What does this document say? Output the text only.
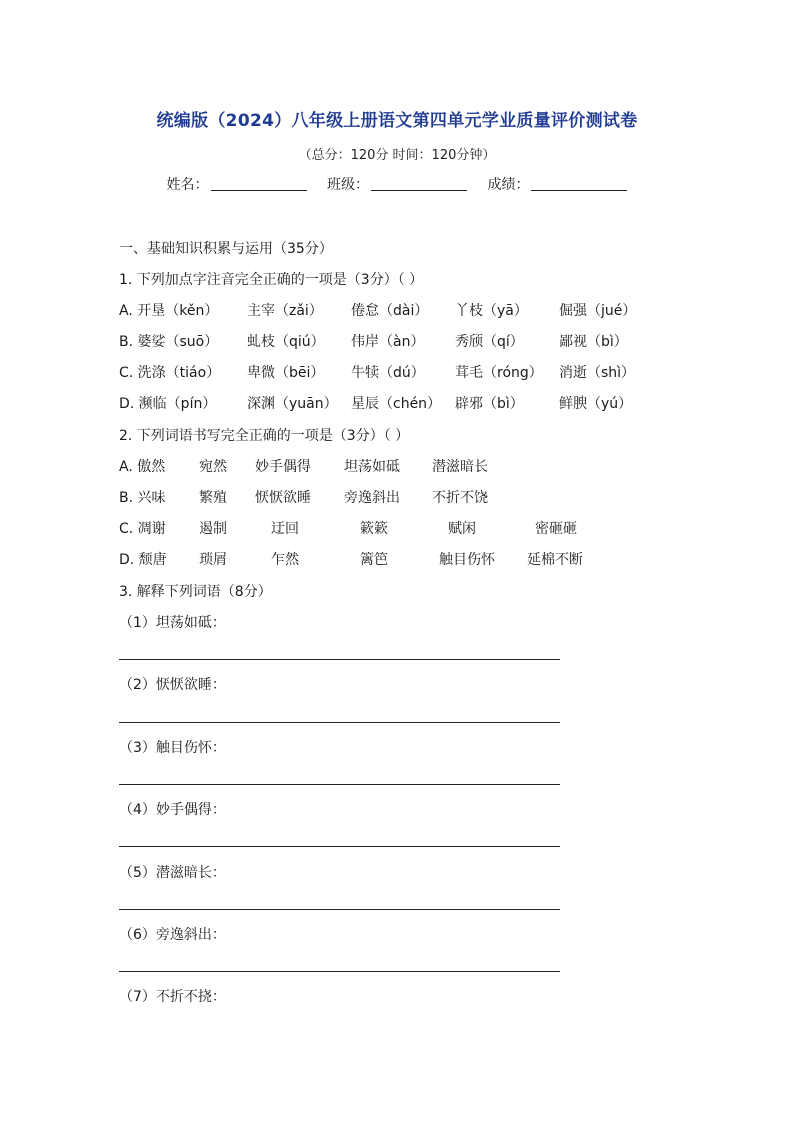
统编版（2024）八年级上册语文第四单元学业质量评价测试卷
（总分：120分 时间：120分钟）
姓名：	班级：	成绩：
一、基础知识积累与运用（35分）
1. 下列加点字注音完全正确的一项是（3分）（ ）
A. 开垦（kěn） 主宰（zǎi） 倦怠（dài） 丫枝（yā） 倔强（jué）
B. 婆娑（suō） 虬枝（qiú） 伟岸（àn） 秀颀（qí）	鄙视（bì）
C. 洗涤（tiáo） 卑微（bēi） 牛犊（dú） 茸毛（róng） 消逝（shì）
D. 濒临（pín） 深渊（yuān） 星辰（chén） 辟邪（bì）	鲜腴（yú）
2. 下列词语书写完全正确的一项是（3分）（ ）
A. 傲然 宛然 妙手偶得 坦荡如砥 潜滋暗长
B. 兴味 繁殖 恹恹欲睡 旁逸斜出 不折不饶
C. 凋谢 遏制	迂回	簌簌	赋闲	密砸砸
D. 颓唐 琐屑	乍然	篱笆	触目伤怀 延棉不断
3. 解释下列词语（8分）
（1）坦荡如砥：
（2）恹恹欲睡：
（3）触目伤怀：
（4）妙手偶得：
（5）潜滋暗长：
（6）旁逸斜出：
（7）不折不挠：
